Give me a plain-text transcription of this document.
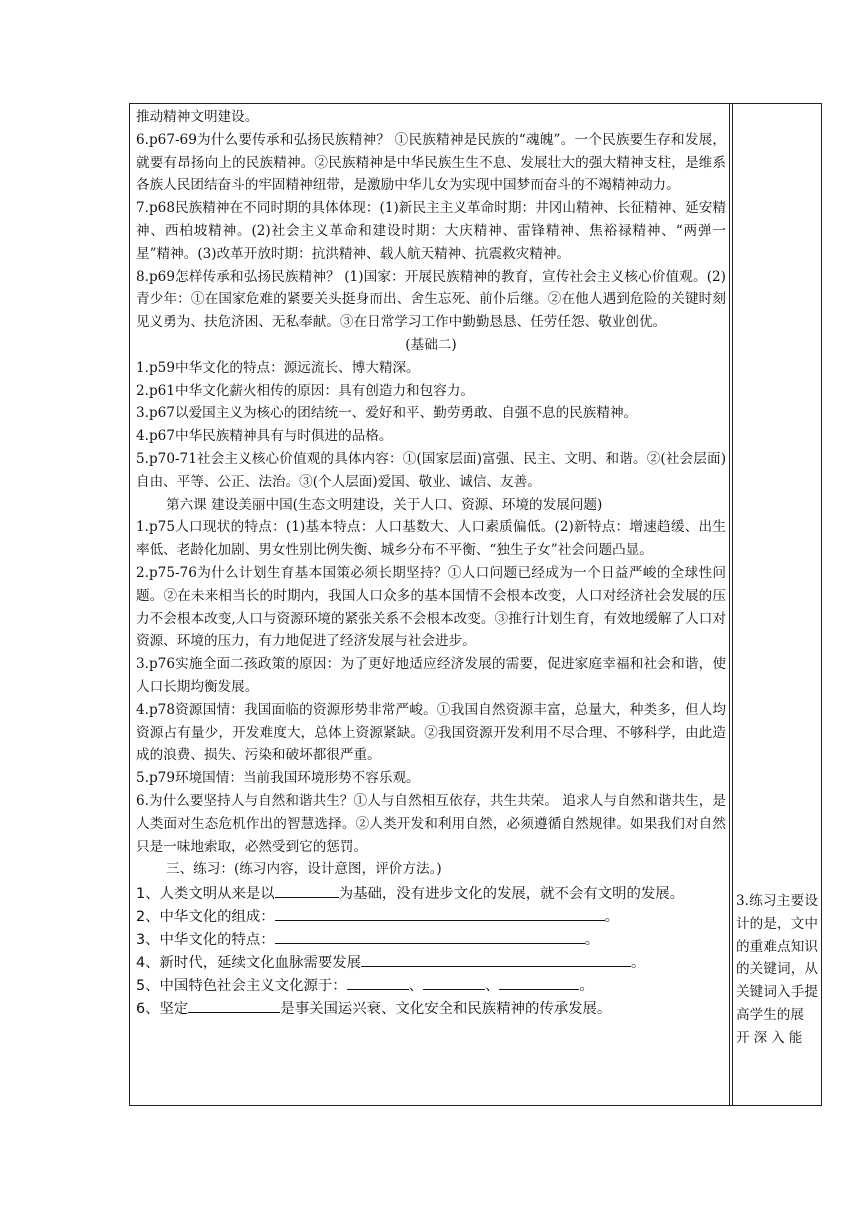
推动精神文明建设。

6.p67-69为什么要传承和弘扬民族精神？ ①民族精神是民族的“魂魄”。一个民族要生存和发展，就要有昂扬向上的民族精神。②民族精神是中华民族生生不息、发展壮大的强大精神支柱，是维系各族人民团结奋斗的牢固精神纽带，是激励中华儿女为实现中国梦而奋斗的不竭精神动力。

7.p68民族精神在不同时期的具体体现：(1)新民主主义革命时期：井冈山精神、长征精神、延安精神、西柏坡精神。(2)社会主义革命和建设时期：大庆精神、雷锋精神、焦裕禄精神、“两弹一星”精神。(3)改革开放时期：抗洪精神、载人航天精神、抗震救灾精神。

8.p69怎样传承和弘扬民族精神？ (1)国家：开展民族精神的教育，宣传社会主义核心价值观。(2)青少年：①在国家危难的紧要关头挺身而出、舍生忘死、前仆后继。②在他人遇到危险的关键时刻见义勇为、扶危济困、无私奉献。③在日常学习工作中勤勤恳恳、任劳任怨、敬业创优。

(基础二)

1.p59中华文化的特点：源远流长、博大精深。

2.p61中华文化薪火相传的原因：具有创造力和包容力。

3.p67以爱国主义为核心的团结统一、爱好和平、勤劳勇敢、自强不息的民族精神。

4.p67中华民族精神具有与时俱进的品格。

5.p70-71社会主义核心价值观的具体内容：①(国家层面)富强、民主、文明、和谐。②(社会层面)自由、平等、公正、法治。③(个人层面)爱国、敬业、诚信、友善。

第六课 建设美丽中国(生态文明建设，关于人口、资源、环境的发展问题)

1.p75人口现状的特点：(1)基本特点：人口基数大、人口素质偏低。(2)新特点：增速趋缓、出生率低、老龄化加剧、男女性别比例失衡、城乡分布不平衡、“独生子女”社会问题凸显。

2.p75-76为什么计划生育基本国策必须长期坚持？①人口问题已经成为一个日益严峻的全球性问题。②在未来相当长的时期内，我国人口众多的基本国情不会根本改变，人口对经济社会发展的压力不会根本改变,人口与资源环境的紧张关系不会根本改变。③推行计划生育，有效地缓解了人口对资源、环境的压力，有力地促进了经济发展与社会进步。

3.p76实施全面二孩政策的原因：为了更好地适应经济发展的需要，促进家庭幸福和社会和谐，使人口长期均衡发展。

4.p78资源国情：我国面临的资源形势非常严峻。①我国自然资源丰富，总量大，种类多，但人均资源占有量少，开发难度大，总体上资源紧缺。②我国资源开发利用不尽合理、不够科学，由此造成的浪费、损失、污染和破坏都很严重。

5.p79环境国情：当前我国环境形势不容乐观。

6.为什么要坚持人与自然和谐共生？①人与自然相互依存，共生共荣。 追求人与自然和谐共生，是人类面对生态危机作出的智慧选择。②人类开发和利用自然，必须遵循自然规律。如果我们对自然只是一味地索取，必然受到它的惩罚。

三、练习：(练习内容，设计意图，评价方法。)

1、人类文明从来是以	为基础，没有进步文化的发展，就不会有文明的发展。
2、中华文化的组成：	。
3、中华文化的特点：	。
4、新时代，延续文化血脉需要发展	。
5、中国特色社会主义文化源于：	、	、	。
6、坚定	是事关国运兴衰、文化安全和民族精神的传承发展。
3.练习主要设计的是，文中的重难点知识的关键词，从关键词入手提高学生的展
开深入能
